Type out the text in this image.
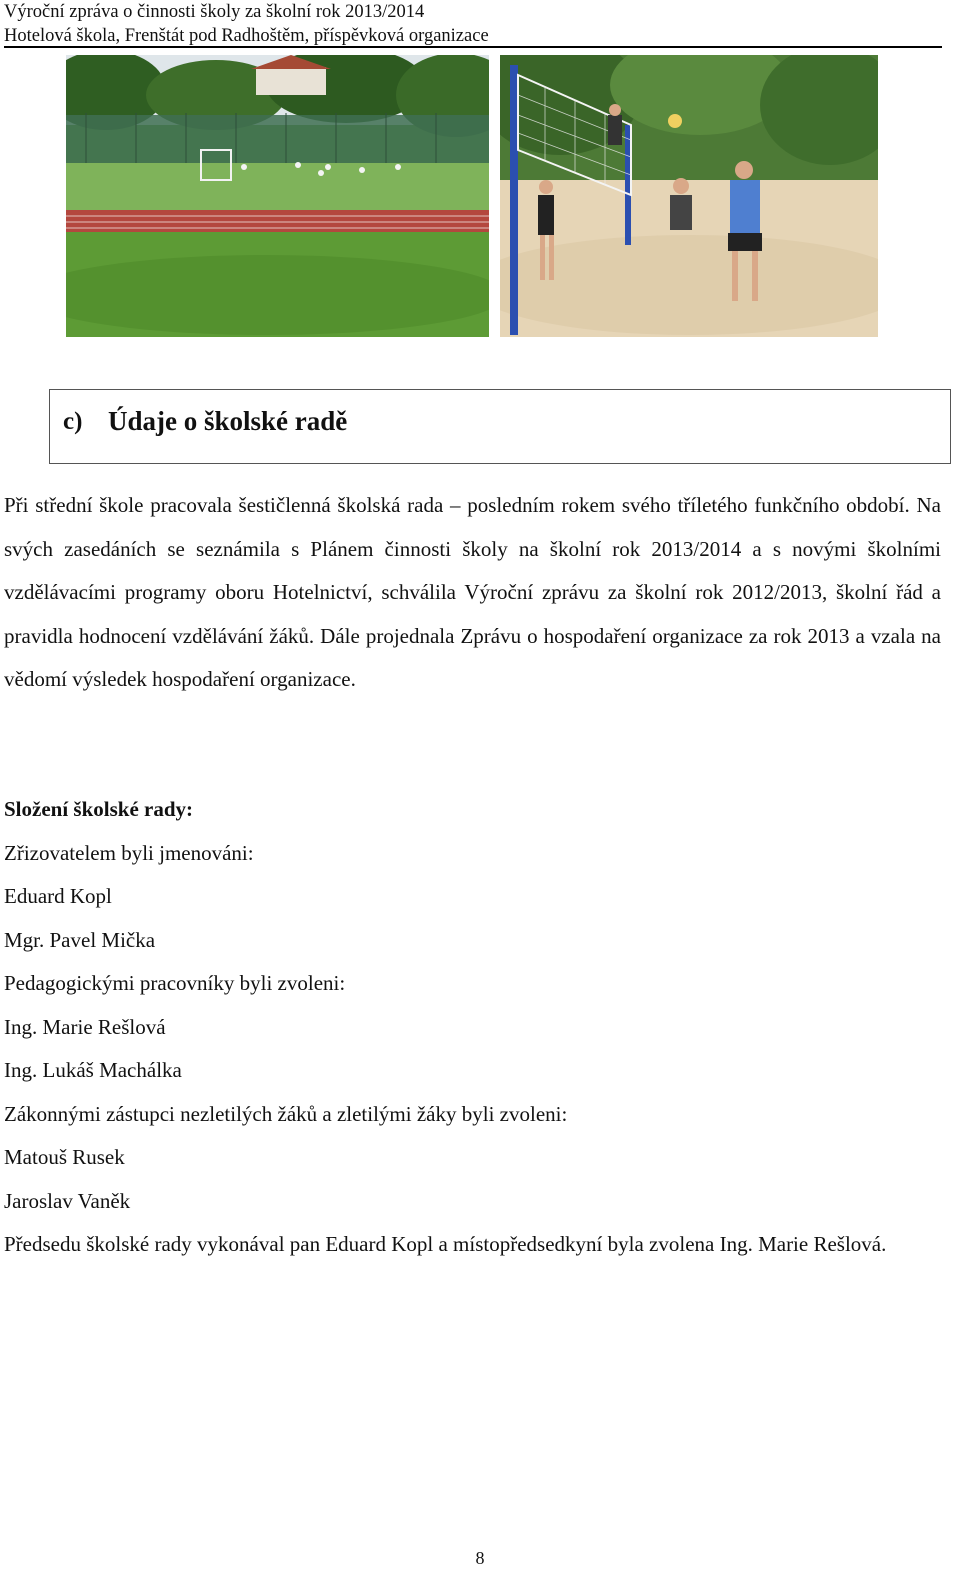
Výroční zpráva o činnosti školy za školní rok 2013/2014
Hotelová škola, Frenštát pod Radhoštěm, příspěvková organizace
c) Údaje o školské radě
Při střední škole pracovala šestičlenná školská rada – posledním rokem svého tříletého funkčního období. Na svých zasedáních se seznámila s Plánem činnosti školy na školní rok 2013/2014 a s novými školními vzdělávacími programy oboru Hotelnictví, schválila Výroční zprávu za školní rok 2012/2013, školní řád a pravidla hodnocení vzdělávání žáků. Dále projednala Zprávu o hospodaření organizace za rok 2013 a vzala na vědomí výsledek hospodaření organizace.
Složení školské rady:
Zřizovatelem byli jmenováni:
Eduard Kopl
Mgr. Pavel Mička
Pedagogickými pracovníky byli zvoleni:
Ing. Marie Rešlová
Ing. Lukáš Machálka
Zákonnými zástupci nezletilých žáků a zletilými žáky byli zvoleni:
Matouš Rusek
Jaroslav Vaněk
Předsedu školské rady vykonával pan Eduard Kopl a místopředsedkyní byla zvolena Ing. Marie Rešlová.
8
